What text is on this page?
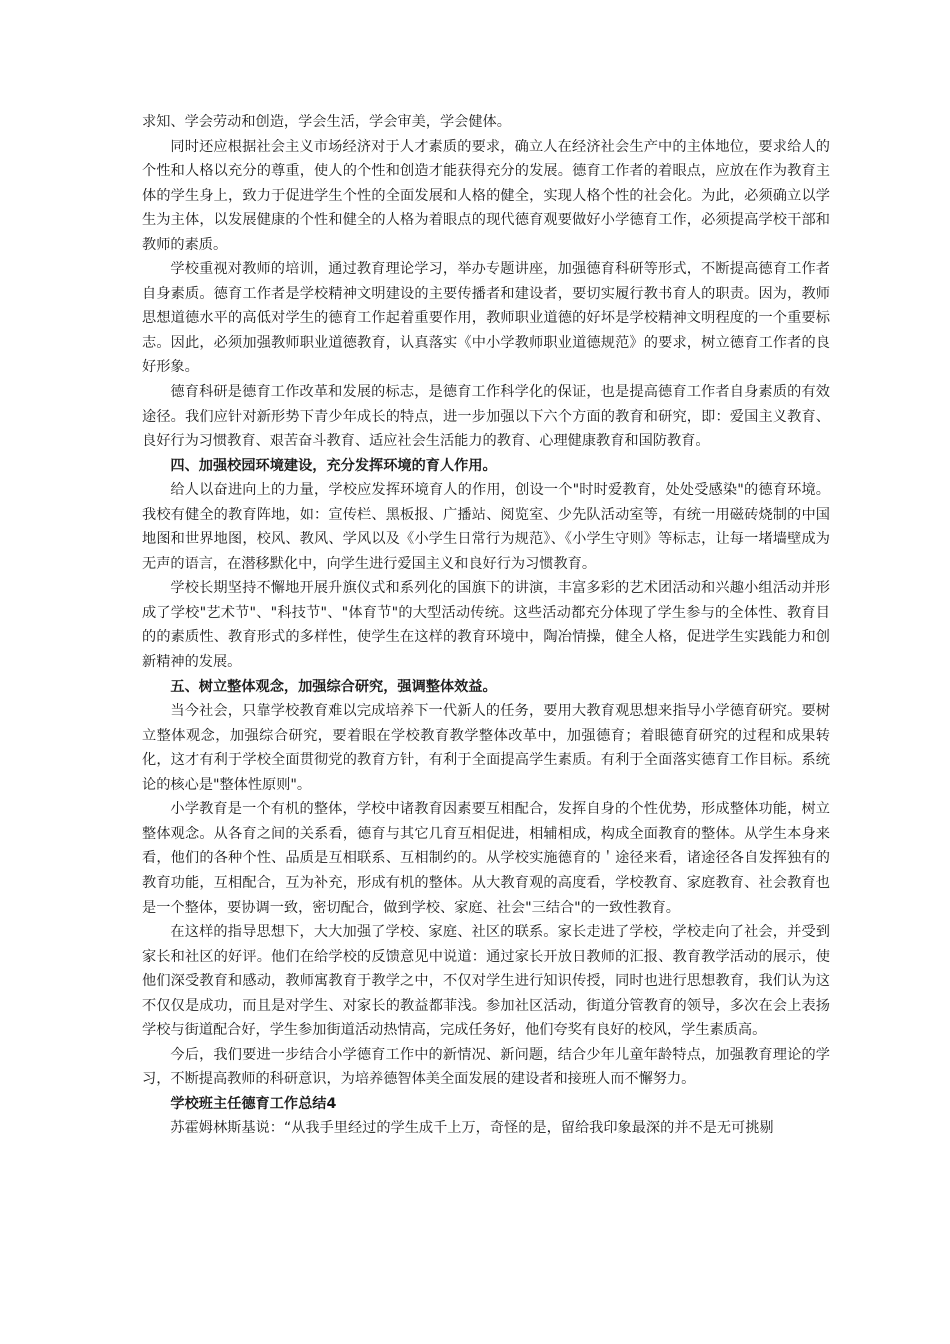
求知、学会劳动和创造，学会生活，学会审美，学会健体。

同时还应根据社会主义市场经济对于人才素质的要求，确立人在经济社会生产中的主体地位，要求给人的个性和人格以充分的尊重，使人的个性和创造才能获得充分的发展。德育工作者的着眼点，应放在作为教育主体的学生身上，致力于促进学生个性的全面发展和人格的健全，实现人格个性的社会化。为此，必须确立以学生为主体，以发展健康的个性和健全的人格为着眼点的现代德育观要做好小学德育工作，必须提高学校干部和教师的素质。

学校重视对教师的培训，通过教育理论学习，举办专题讲座，加强德育科研等形式，不断提高德育工作者自身素质。德育工作者是学校精神文明建设的主要传播者和建设者，要切实履行教书育人的职责。因为，教师思想道德水平的高低对学生的德育工作起着重要作用，教师职业道德的好坏是学校精神文明程度的一个重要标志。因此，必须加强教师职业道德教育，认真落实《中小学教师职业道德规范》的要求，树立德育工作者的良好形象。

德育科研是德育工作改革和发展的标志，是德育工作科学化的保证，也是提高德育工作者自身素质的有效途径。我们应针对新形势下青少年成长的特点，进一步加强以下六个方面的教育和研究，即：爱国主义教育、良好行为习惯教育、艰苦奋斗教育、适应社会生活能力的教育、心理健康教育和国防教育。

四、加强校园环境建设，充分发挥环境的育人作用。

给人以奋进向上的力量，学校应发挥环境育人的作用，创设一个"时时爱教育，处处受感染"的德育环境。我校有健全的教育阵地，如：宣传栏、黑板报、广播站、阅览室、少先队活动室等，有统一用磁砖烧制的中国地图和世界地图，校风、教风、学风以及《小学生日常行为规范》、《小学生守则》等标志，让每一堵墙壁成为无声的语言，在潜移默化中，向学生进行爱国主义和良好行为习惯教育。

学校长期坚持不懈地开展升旗仪式和系列化的国旗下的讲演，丰富多彩的艺术团活动和兴趣小组活动并形成了学校"艺术节"、"科技节"、"体育节"的大型活动传统。这些活动都充分体现了学生参与的全体性、教育目的的素质性、教育形式的多样性，使学生在这样的教育环境中，陶冶情操，健全人格，促进学生实践能力和创新精神的发展。

五、树立整体观念，加强综合研究，强调整体效益。

当今社会，只靠学校教育难以完成培养下一代新人的任务，要用大教育观思想来指导小学德育研究。要树立整体观念，加强综合研究，要着眼在学校教育教学整体改革中，加强德育；着眼德育研究的过程和成果转化，这才有利于学校全面贯彻党的教育方针，有利于全面提高学生素质。有利于全面落实德育工作目标。系统论的核心是"整体性原则"。

小学教育是一个有机的整体，学校中诸教育因素要互相配合，发挥自身的个性优势，形成整体功能，树立整体观念。从各育之间的关系看，德育与其它几育互相促进，相辅相成，构成全面教育的整体。从学生本身来看，他们的各种个性、品质是互相联系、互相制约的。从学校实施德育的＇途径来看，诸途径各自发挥独有的教育功能，互相配合，互为补充，形成有机的整体。从大教育观的高度看，学校教育、家庭教育、社会教育也是一个整体，要协调一致，密切配合，做到学校、家庭、社会"三结合"的一致性教育。

在这样的指导思想下，大大加强了学校、家庭、社区的联系。家长走进了学校，学校走向了社会，并受到家长和社区的好评。他们在给学校的反馈意见中说道：通过家长开放日教师的汇报、教育教学活动的展示，使他们深受教育和感动，教师寓教育于教学之中，不仅对学生进行知识传授，同时也进行思想教育，我们认为这不仅仅是成功，而且是对学生、对家长的教益都菲浅。参加社区活动，街道分管教育的领导，多次在会上表扬学校与街道配合好，学生参加街道活动热情高，完成任务好，他们夸奖有良好的校风，学生素质高。

今后，我们要进一步结合小学德育工作中的新情况、新问题，结合少年儿童年龄特点，加强教育理论的学习，不断提高教师的科研意识，为培养德智体美全面发展的建设者和接班人而不懈努力。

学校班主任德育工作总结4

苏霍姆林斯基说：“从我手里经过的学生成千上万，奇怪的是，留给我印象最深的并不是无可挑剔
